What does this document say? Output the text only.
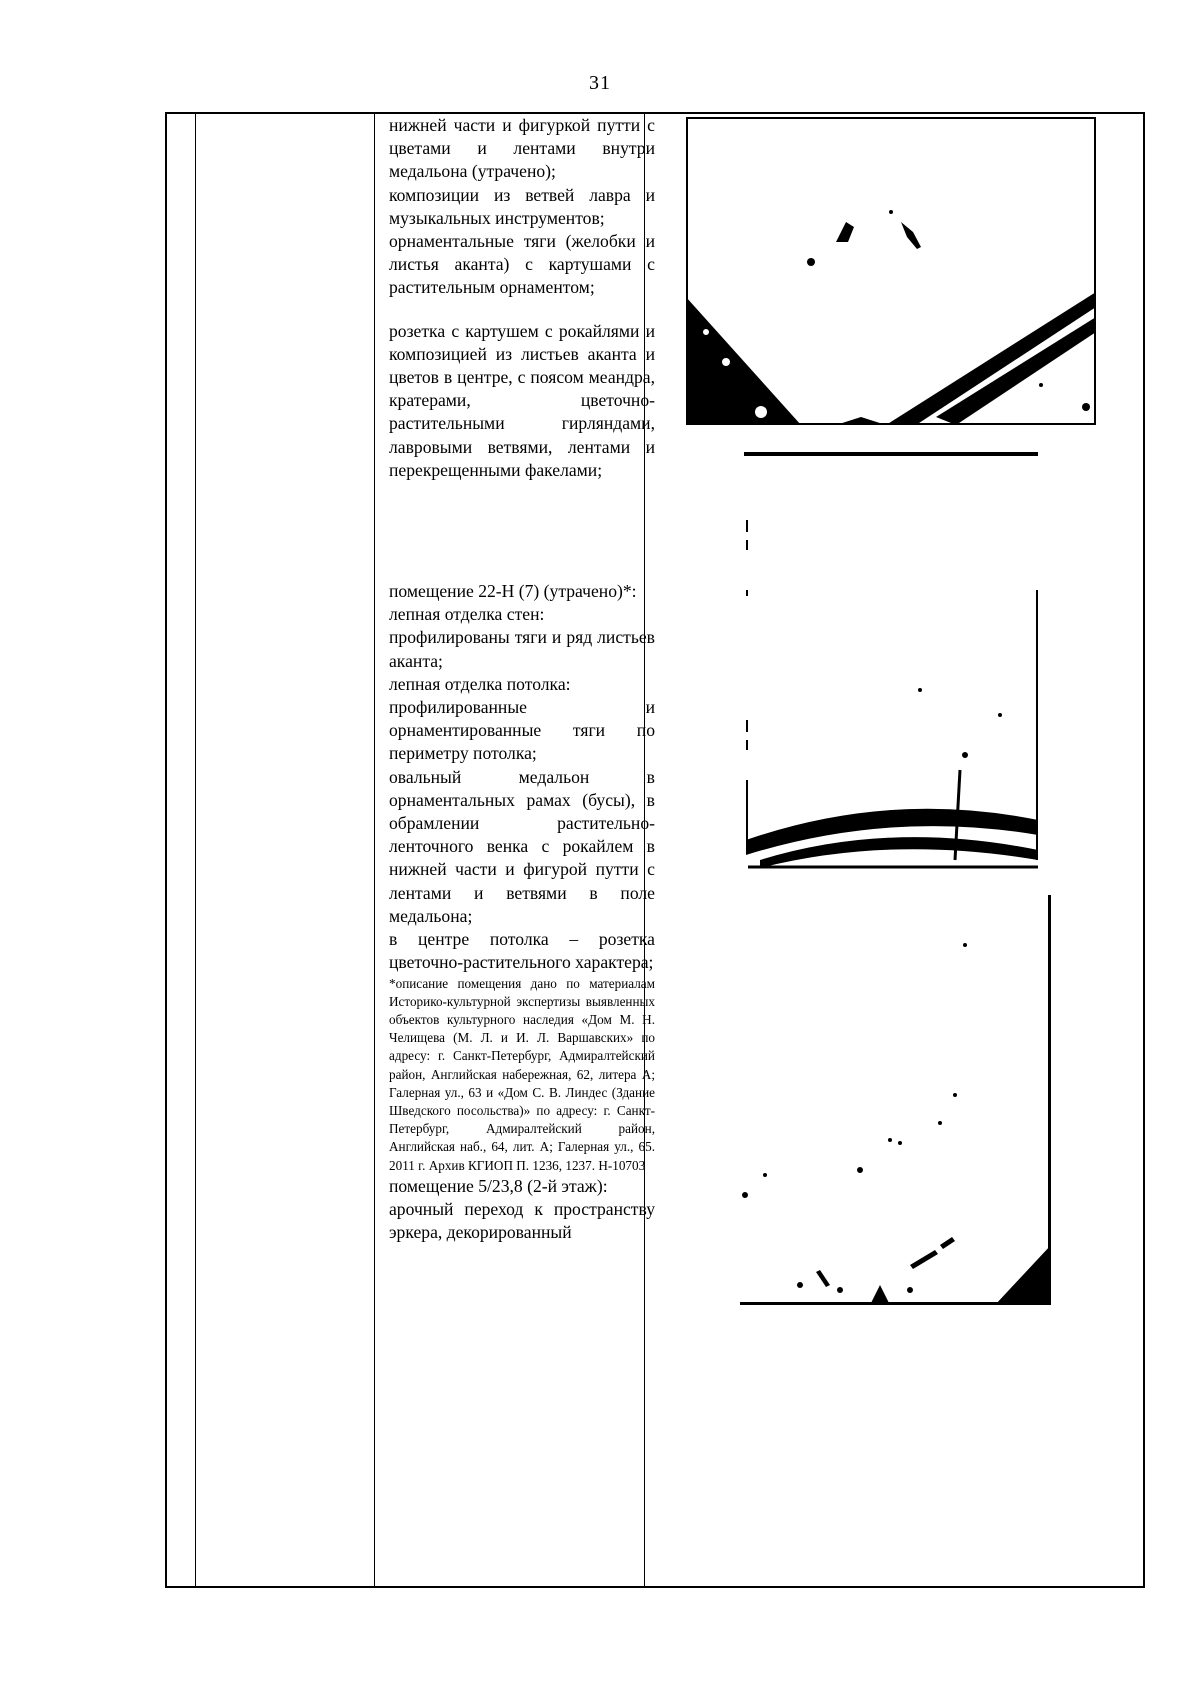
31

нижней части и фигуркой путти с цветами и лентами внутри медальона (утрачено);

композиции из ветвей лавра и музыкальных инструментов;

орнаментальные тяги (желобки и листья аканта) с картушами с растительным орнаментом;

розетка с картушем с рокайлями и композицией из листьев аканта и цветов в центре, с поясом меандра, кратерами, цветочно-растительными гирляндами, лавровыми ветвями, лентами и перекрещенными факелами;

помещение 22-Н (7) (утрачено)*:

лепная отделка стен:

профилированы тяги и ряд листьев аканта;

лепная отделка потолка:

профилированные и орнаментированные тяги по периметру потолка;

овальный медальон в орнаментальных рамах (бусы), в обрамлении растительно-ленточного венка с рокайлем в нижней части и фигурой путти с лентами и ветвями в поле медальона;

в центре потолка – розетка цветочно-растительного характера;

*описание помещения дано по материалам Историко-культурной экспертизы выявленных объектов культурного наследия «Дом М. Н. Челищева (М. Л. и И. Л. Варшавских» по адресу: г. Санкт-Петербург, Адмиралтейский район, Английская набережная, 62, литера А; Галерная ул., 63 и «Дом С. В. Линдес (Здание Шведского посольства)» по адресу: г. Санкт-Петербург, Адмиралтейский район, Английская наб., 64, лит. А; Галерная ул., 65. 2011 г. Архив КГИОП П. 1236, 1237. Н-10703

помещение 5/23,8 (2-й этаж):

арочный переход к пространству эркера, декорированный
